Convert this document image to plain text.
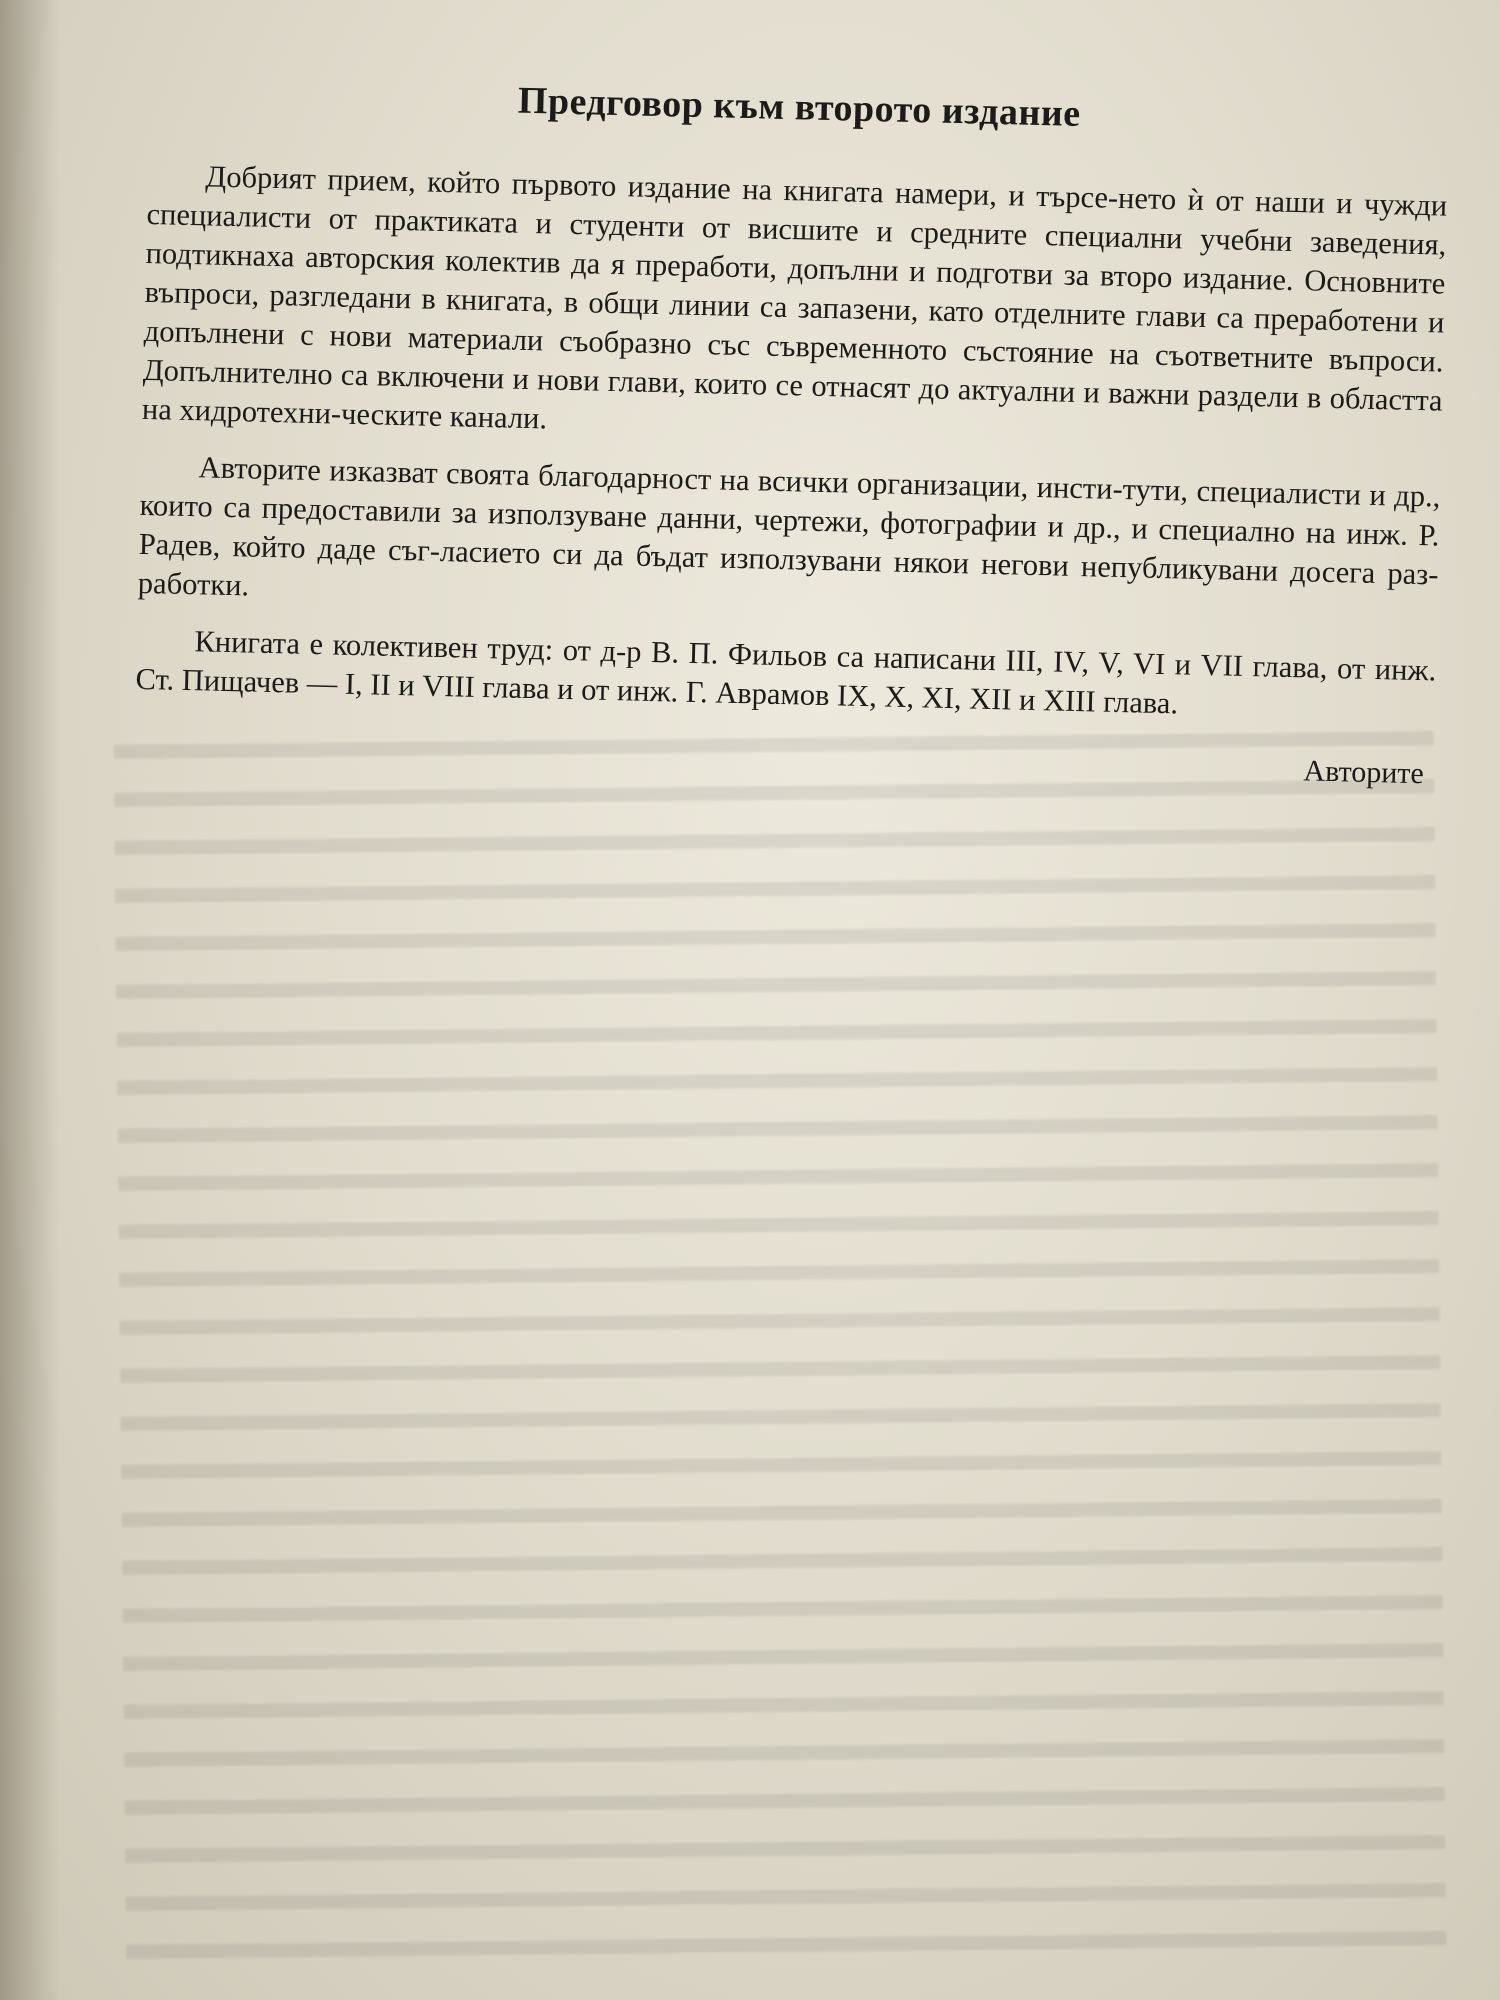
Предговор към второто издание

Добрият прием, който първото издание на книгата намери, и търсе-нето ѝ от наши и чужди специалисти от практиката и студенти от висшите и средните специални учебни заведения, подтикнаха авторския колектив да я преработи, допълни и подготви за второ издание. Основните въпроси, разгледани в книгата, в общи линии са запазени, като отделните глави са преработени и допълнени с нови материали съобразно със съвременното състояние на съответните въпроси. Допълнително са включени и нови глави, които се отнасят до актуални и важни раздели в областта на хидротехни-ческите канали.

Авторите изказват своята благодарност на всички организации, инсти-тути, специалисти и др., които са предоставили за използуване данни, чертежи, фотографии и др., и специално на инж. Р. Радев, който даде съг-ласието си да бъдат използувани някои негови непубликувани досега раз-работки.

Книгата е колективен труд: от д-р В. П. Фильов са написани III, IV, V, VI и VII глава, от инж. Ст. Пищачев — I, II и VIII глава и от инж. Г. Аврамов IX, X, XI, XII и XIII глава.

Авторите
